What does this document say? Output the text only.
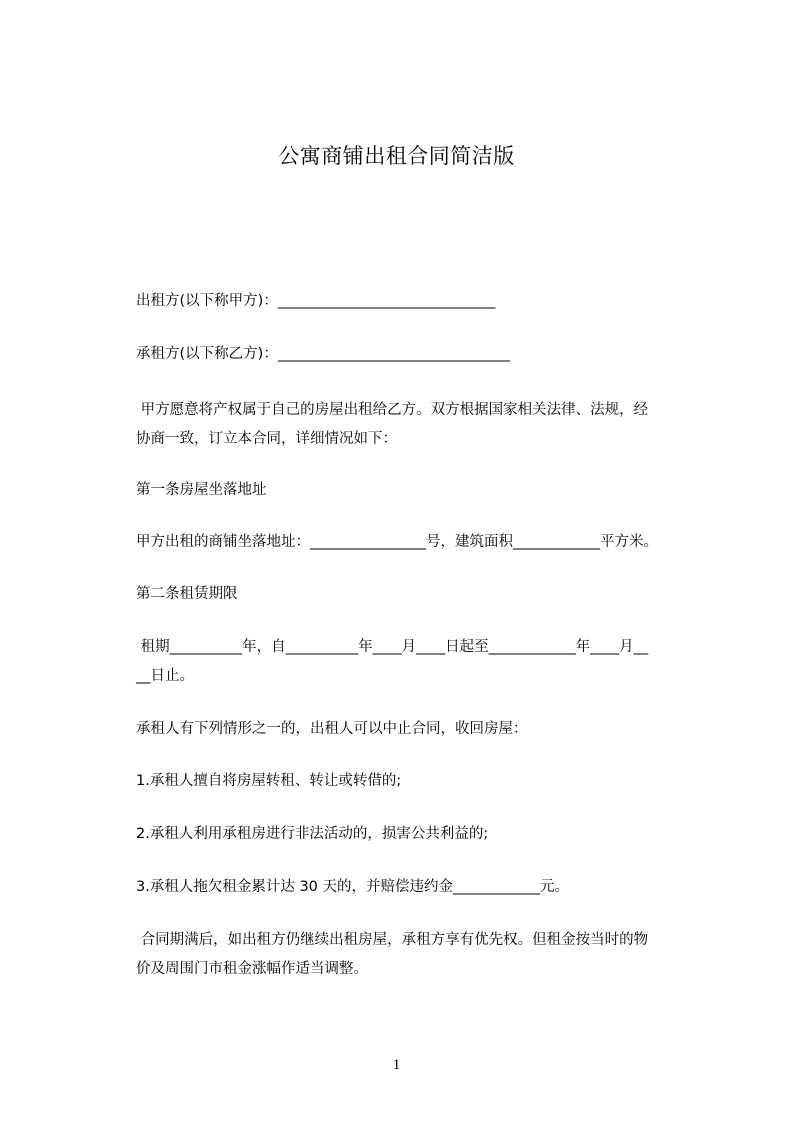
公寓商铺出租合同简洁版
出租方(以下称甲方)：______________________________
承租方(以下称乙方)：________________________________
甲方愿意将产权属于自己的房屋出租给乙方。双方根据国家相关法律、法规，经
协商一致，订立本合同，详细情况如下：
第一条房屋坐落地址
甲方出租的商铺坐落地址：________________号，建筑面积____________平方米。
第二条租赁期限
租期__________年，自__________年____月____日起至____________年____月__
__日止。
承租人有下列情形之一的，出租人可以中止合同，收回房屋：
1.承租人擅自将房屋转租、转让或转借的;
2.承租人利用承租房进行非法活动的，损害公共利益的;
3.承租人拖欠租金累计达 30 天的，并赔偿违约金____________元。
合同期满后，如出租方仍继续出租房屋，承租方享有优先权。但租金按当时的物
价及周围门市租金涨幅作适当调整。
1
